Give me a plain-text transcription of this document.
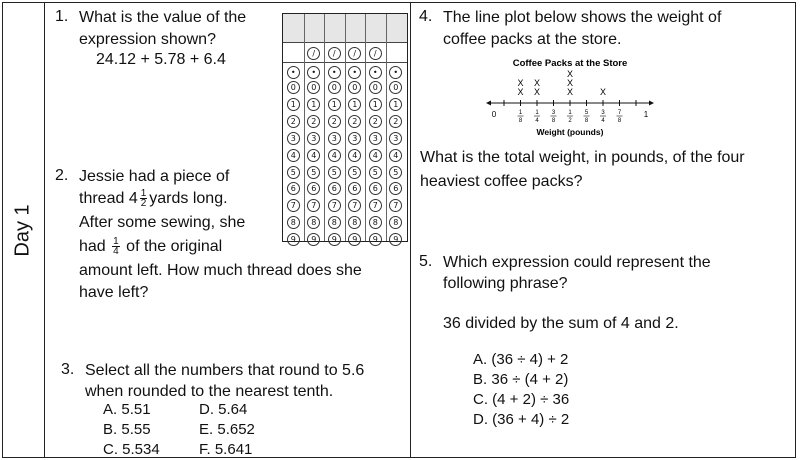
Day 1
1. What is the value of the
expression shown?
24.12 + 5.78 + 6.4
•
0
1
2
3
4
5
6
7
8
9
/
•
0
1
2
3
4
5
6
7
8
9
/
•
0
1
2
3
4
5
6
7
8
9
/
•
0
1
2
3
4
5
6
7
8
9
/
•
0
1
2
3
4
5
6
7
8
9
•
0
1
2
3
4
5
6
7
8
9
2. Jessie had a piece of
thread $4 \frac{1}{2}$ yards long.
After some sewing, she
had $\frac{1}{4}$ of the original
amount left. How much thread does she
have left?
3. Select all the numbers that round to 5.6
when rounded to the nearest tenth.
A. 5.51
B. 5.55
C. 5.534
D. 5.64
E. 5.652
F. 5.641
4. The line plot below shows the weight of
coffee packs at the store.
Coffee Packs at the Store
0	1
8
1
4
3
8
1
2
5
8
3
4
7
8
1
X
X
X
X
X
X
X
X
Weight (pounds)
What is the total weight, in pounds, of the four
heaviest coffee packs?
5. Which expression could represent the
following phrase?
36 divided by the sum of 4 and 2.
A. (36 ÷ 4) + 2
B. 36 ÷ (4 + 2)
C. (4 + 2) ÷ 36
D. (36 + 4) ÷ 2
